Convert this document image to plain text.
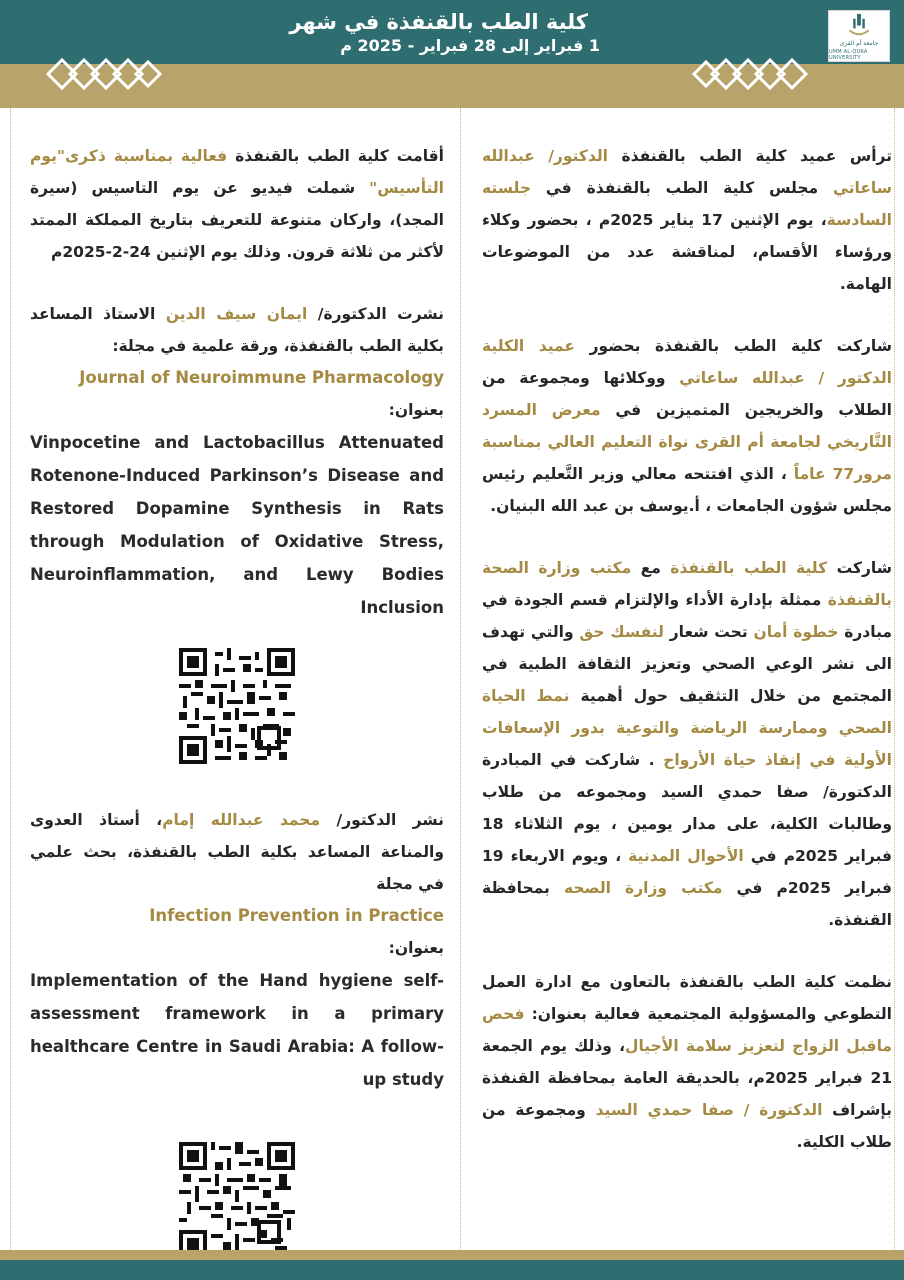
جامعة أم القرى
UMM AL-QURA UNIVERSITY
كلية الطب بالقنفذة في شهر
1 فبراير إلى 28 فبراير - 2025 م

ترأس عميد كلية الطب بالقنفذة الدكتور/ عبدالله ساعاتي مجلس كلية الطب بالقنفذة في جلسته السادسة، يوم الإثنين 17 يناير 2025م ، بحضور وكلاء ورؤساء الأقسام، لمناقشة عدد من الموضوعات الهامة.

شاركت كلية الطب بالقنفذة بحضور عميد الكلية الدكتور / عبدالله ساعاتي ووكلائها ومجموعة من الطلاب والخريجين المتميزين في معرض المسرد التَّاريخي لجامعة أم القرى نواة التعليم العالي بمناسبة مرور77 عاماً ، الذي افتتحه معالي وزير التَّعليم رئيس مجلس شؤون الجامعات ، أ.يوسف بن عبد الله البنيان.

شاركت كلية الطب بالقنفذة مع مكتب وزارة الصحة بالقنفذة ممثلة بإدارة الأداء والإلتزام قسم الجودة في مبادرة خطوة أمان تحت شعار لنفسك حق والتي تهدف الى نشر الوعي الصحي وتعزيز الثقافة الطبية في المجتمع من خلال التثقيف حول أهمية نمط الحياة الصحي وممارسة الرياضة والتوعية بدور الإسعافات الأولية في إنقاذ حياة الأرواح . شاركت في المبادرة الدكتورة/ صفا حمدي السيد ومجموعه من طلاب وطالبات الكلية، على مدار يومين ، يوم الثلاثاء 18 فبراير 2025م في الأحوال المدنية ، ويوم الاربعاء 19 فبراير 2025م في مكتب وزارة الصحه بمحافظة القنفذة.

نظمت كلية الطب بالقنفذة بالتعاون مع ادارة العمل التطوعي والمسؤولية المجتمعية فعالية بعنوان: فحص ماقبل الزواج لتعزيز سلامة الأجيال، وذلك يوم الجمعة 21 فبراير 2025م، بالحديقة العامة بمحافظة القنفذة بإشراف الدكتورة / صفا حمدي السيد ومجموعة من طلاب الكلية.

أقامت كلية الطب بالقنفذة فعالية بمناسبة ذكرى"يوم التأسيس" شملت فيديو عن يوم التاسيس (سيرة المجد)، واركان متنوعة للتعريف بتاريخ المملكة الممتد لأكثر من ثلاثة قرون. وذلك يوم الإثنين 24-2-2025م

نشرت الدكتورة/ ايمان سيف الدين الاستاذ المساعد بكلية الطب بالقنفذة، ورقة علمية في مجلة:

Journal of Neuroimmune Pharmacology
بعنوان:
Vinpocetine and Lactobacillus Attenuated Rotenone-Induced Parkinson’s Disease and Restored Dopamine Synthesis in Rats through Modulation of Oxidative Stress, Neuroinflammation, and Lewy Bodies Inclusion

نشر الدكتور/ محمد عبدالله إمام، أستاذ العدوى والمناعة المساعد بكلية الطب بالقنفذة، بحث علمي في مجلة

Infection Prevention in Practice
بعنوان:
Implementation of the Hand hygiene self-assessment framework in a primary healthcare Centre in Saudi Arabia: A follow-up study
